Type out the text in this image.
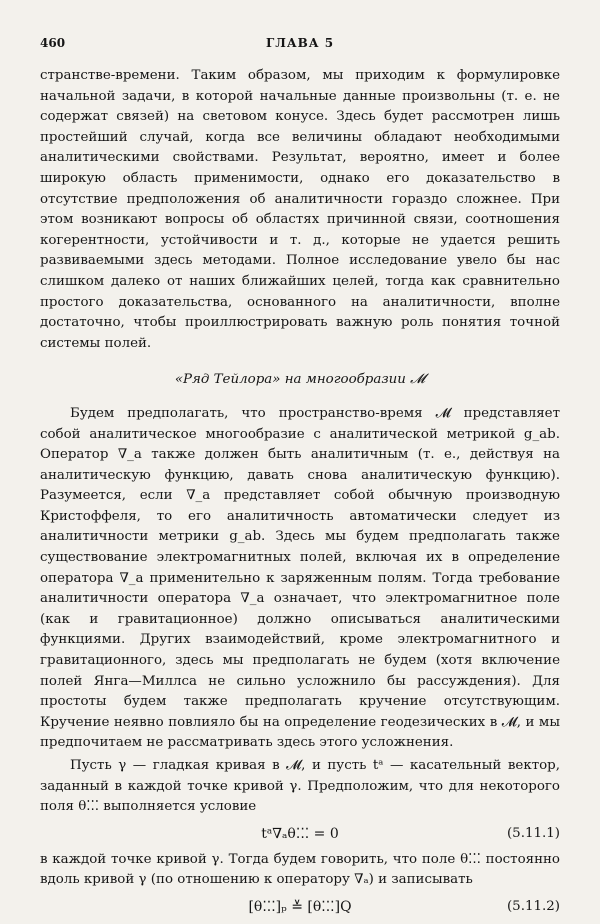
460	ГЛАВА 5

странстве-времени. Таким образом, мы приходим к формулировке начальной задачи, в которой начальные данные произвольны (т. е. не содержат связей) на световом конусе. Здесь будет рассмотрен лишь простейший случай, когда все величины обладают необходимыми аналитическими свойствами. Результат, вероятно, имеет и более широкую область применимости, однако его доказательство в отсутствие предположения об аналитичности гораздо сложнее. При этом возникают вопросы об областях причинной связи, соотношения когерентности, устойчивости и т. д., которые не удается решить развиваемыми здесь методами. Полное исследование увело бы нас слишком далеко от наших ближайших целей, тогда как сравнительно простого доказательства, основанного на аналитичности, вполне достаточно, чтобы проиллюстрировать важную роль понятия точной системы полей.

«Ряд Тейлора» на многообразии 𝓜

Будем предполагать, что пространство-время 𝓜 представляет собой аналитическое многообразие с аналитической метрикой g_ab. Оператор ∇_a также должен быть аналитичным (т. е., действуя на аналитическую функцию, давать снова аналитическую функцию). Разумеется, если ∇_a представляет собой обычную производную Кристоффеля, то его аналитичность автоматически следует из аналитичности метрики g_ab. Здесь мы будем предполагать также существование электромагнитных полей, включая их в определение оператора ∇_a применительно к заряженным полям. Тогда требование аналитичности оператора ∇_a означает, что электромагнитное поле (как и гравитационное) должно описываться аналитическими функциями. Других взаимодействий, кроме электромагнитного и гравитационного, здесь мы предполагать не будем (хотя включение полей Янга—Миллса не сильно усложнило бы рассуждения). Для простоты будем также предполагать кручение отсутствующим. Кручение неявно повлияло бы на определение геодезических в 𝓜, и мы предпочитаем не рассматривать здесь этого усложнения.

Пусть γ — гладкая кривая в 𝓜, и пусть tᵃ — касательный вектор, заданный в каждой точке кривой γ. Предположим, что для некоторого поля θ⁚⁚⁚ выполняется условие

tᵃ∇ₐθ⁚⁚⁚ = 0	(5.11.1)

в каждой точке кривой γ. Тогда будем говорить, что поле θ⁚⁚⁚ постоянно вдоль кривой γ (по отношению к оператору ∇ₐ) и записывать

[θ⁚⁚⁚]ₚ ≚ [θ⁚⁚⁚]Q	(5.11.2)
